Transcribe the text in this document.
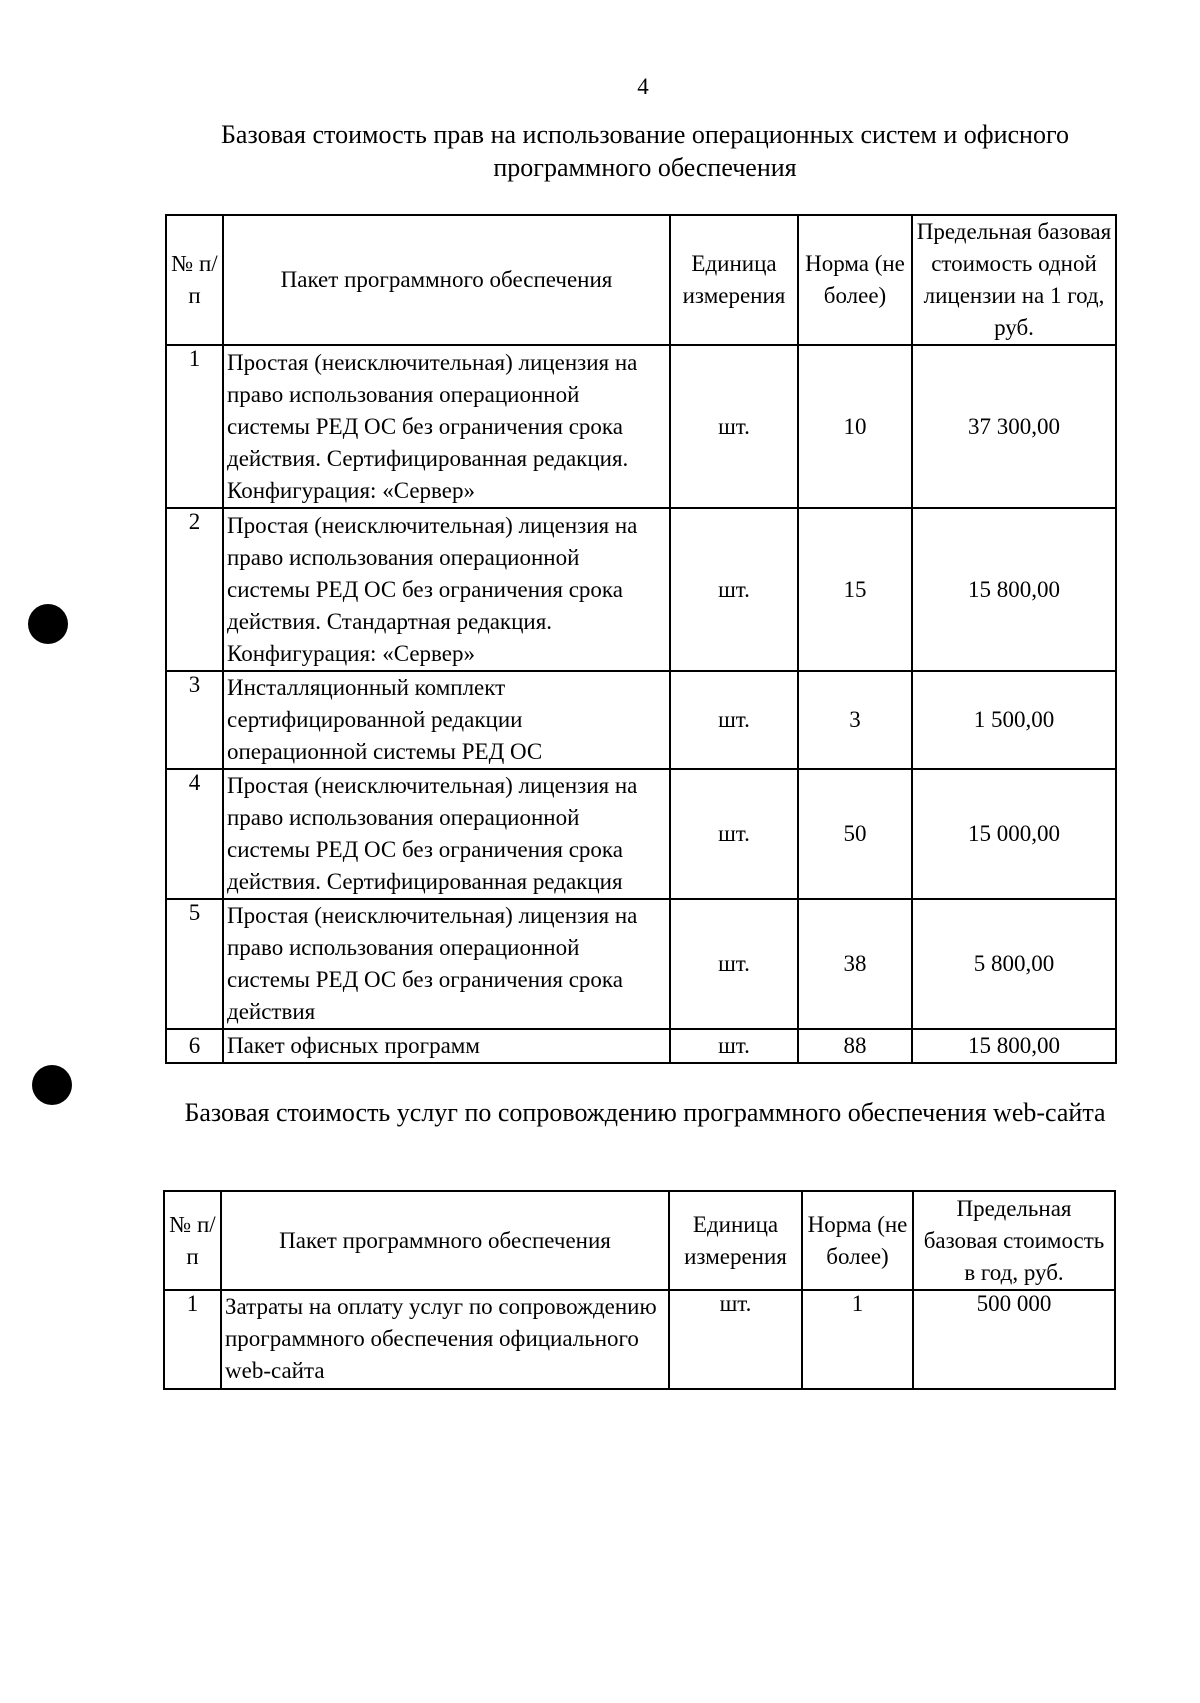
4
Базовая стоимость прав на использование операционных систем и офисного программного обеспечения
№ п/п	Пакет программного обеспечения	Единица измерения	Норма (не более)	Предельная базовая стоимость одной лицензии на 1 год, руб.
1	Простая (неисключительная) лицензия на право использования операционной системы РЕД ОС без ограничения срока действия. Сертифицированная редакция. Конфигурация: «Сервер»	шт.	10	37 300,00
2	Простая (неисключительная) лицензия на право использования операционной системы РЕД ОС без ограничения срока действия. Стандартная редакция. Конфигурация: «Сервер»	шт.	15	15 800,00
3	Инсталляционный комплект сертифицированной редакции операционной системы РЕД ОС	шт.	3	1 500,00
4	Простая (неисключительная) лицензия на право использования операционной системы РЕД ОС без ограничения срока действия. Сертифицированная редакция	шт.	50	15 000,00
5	Простая (неисключительная) лицензия на право использования операционной системы РЕД ОС без ограничения срока действия	шт.	38	5 800,00
6	Пакет офисных программ	шт.	88	15 800,00
Базовая стоимость услуг по сопровождению программного обеспечения web-сайта
№ п/п	Пакет программного обеспечения	Единица измерения	Норма (не более)	Предельная базовая стоимость в год, руб.
1	Затраты на оплату услуг по сопровождению программного обеспечения официального web-сайта	шт.	1	500 000
